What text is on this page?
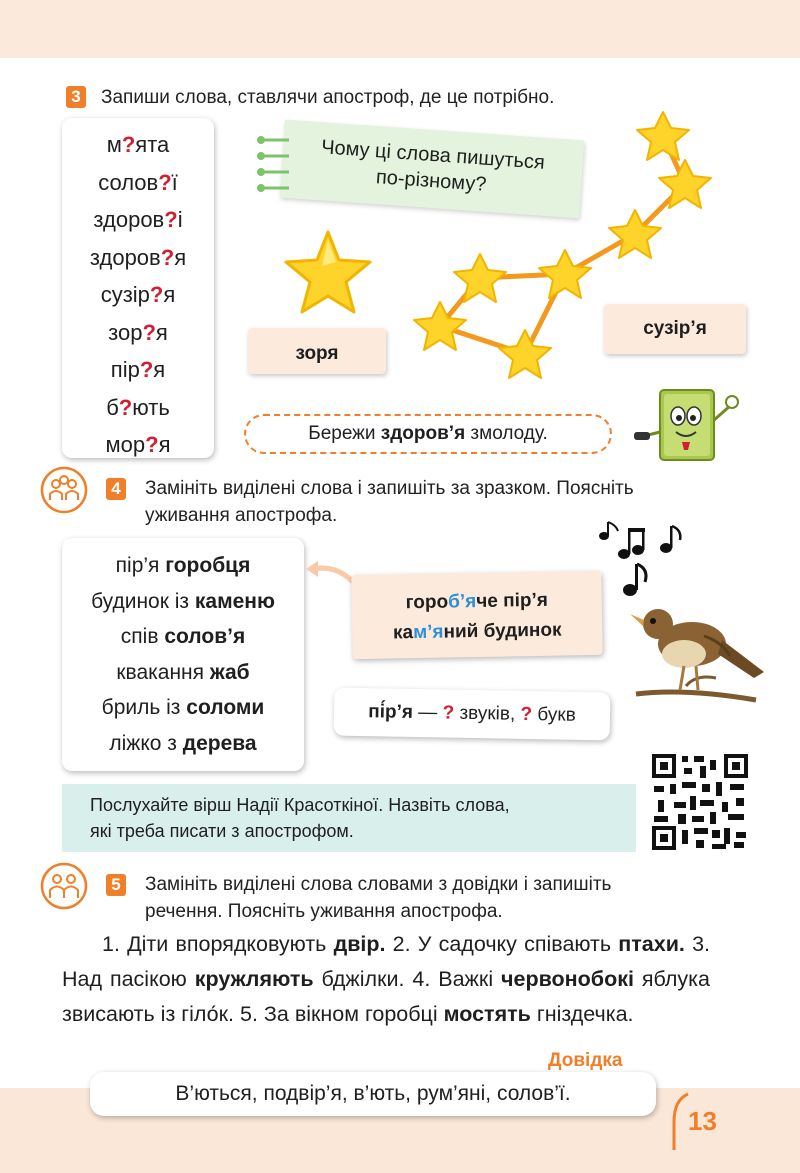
3 Запиши слова, ставлячи апостроф, де це потрібно.
м?ята
солов?ї
здоров?і
здоров?я
сузір?я
зор?я
пір?я
б?ють
мор?я
Чому ці слова пишуться
по-різному?
зоря
сузір’я
Бережи здоров’я змолоду.
4 Замініть виділені слова і запишіть за зразком. Поясніть
уживання апострофа.
пір’я горобця
будинок із каменю
спів солов’я
квакання жаб
бриль із соломи
ліжко з дерева
гороб’яче пір’я
кам’яний будинок
пі́р’я — ? звуків, ? букв
Послухайте вірш Надії Красоткіної. Назвіть слова,
які треба писати з апострофом.
5 Замініть виділені слова словами з довідки і запишіть
речення. Поясніть уживання апострофа.
1. Діти впорядковують двір. 2. У садочку співають птахи. 3. Над пасікою кружляють бджілки. 4. Важкі червонобокі яблука звисають із гіло́к. 5. За вікном горобці мостять гніздечка.
Довідка
В’ються, подвір’я, в’ють, рум’яні, солов’ї.
13
